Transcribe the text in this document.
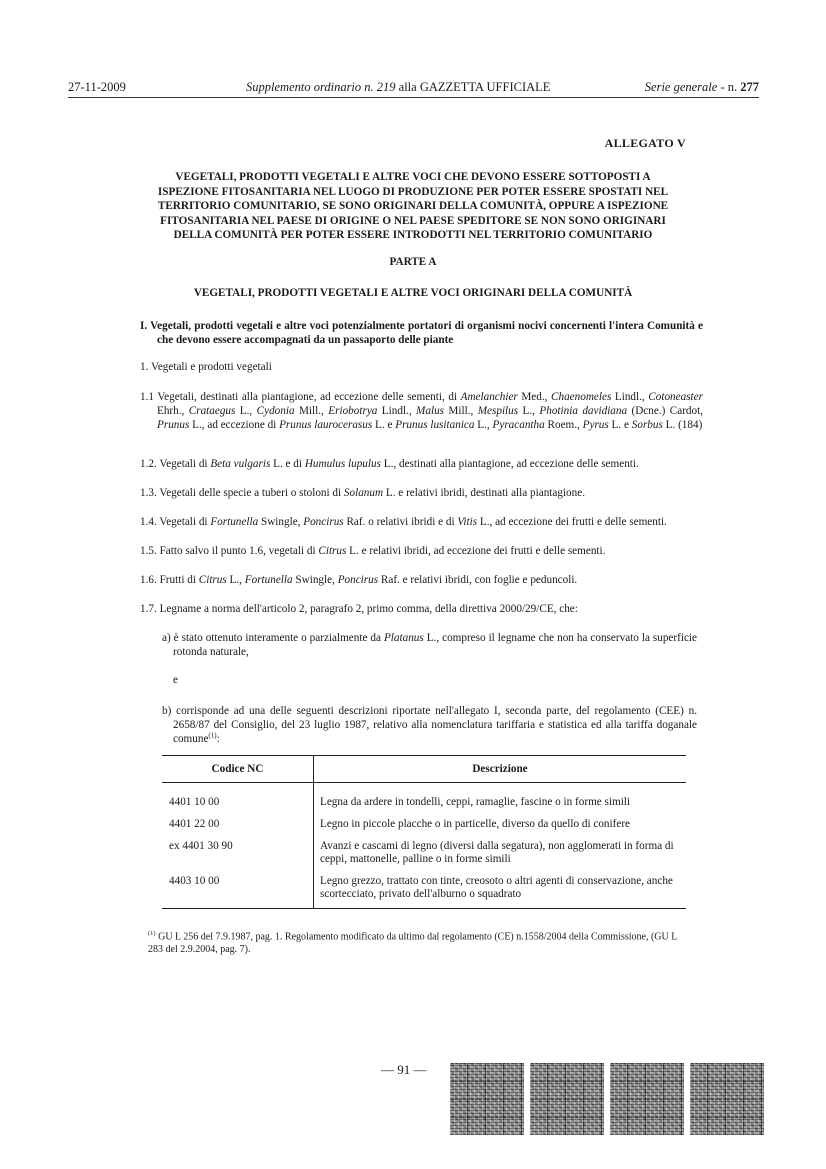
27-11-2009	Supplemento ordinario n. 219 alla GAZZETTA UFFICIALE	Serie generale - n. 277
ALLEGATO V
VEGETALI, PRODOTTI VEGETALI E ALTRE VOCI CHE DEVONO ESSERE SOTTOPOSTI A
ISPEZIONE FITOSANITARIA NEL LUOGO DI PRODUZIONE PER POTER ESSERE SPOSTATI NEL
TERRITORIO COMUNITARIO, SE SONO ORIGINARI DELLA COMUNITÀ, OPPURE A ISPEZIONE
FITOSANITARIA NEL PAESE DI ORIGINE O NEL PAESE SPEDITORE SE NON SONO ORIGINARI
DELLA COMUNITÀ PER POTER ESSERE INTRODOTTI NEL TERRITORIO COMUNITARIO
PARTE A
VEGETALI, PRODOTTI VEGETALI E ALTRE VOCI ORIGINARI DELLA COMUNITÀ
I. Vegetali, prodotti vegetali e altre voci potenzialmente portatori di organismi nocivi concernenti l'intera Comunità e che devono essere accompagnati da un passaporto delle piante
1. Vegetali e prodotti vegetali
1.1 Vegetali, destinati alla piantagione, ad eccezione delle sementi, di Amelanchier Med., Chaenomeles Lindl., Cotoneaster Ehrh., Crataegus L., Cydonia Mill., Eriobotrya Lindl., Malus Mill., Mespilus L., Photinia davidiana (Dcne.) Cardot, Prunus L., ad eccezione di Prunus laurocerasus L. e Prunus lusitanica L., Pyracantha Roem., Pyrus L. e Sorbus L. (184)
1.2. Vegetali di Beta vulgaris L. e di Humulus lupulus L., destinati alla piantagione, ad eccezione delle sementi.
1.3. Vegetali delle specie a tuberi o stoloni di Solanum L. e relativi ibridi, destinati alla piantagione.
1.4. Vegetali di Fortunella Swingle, Poncirus Raf. o relativi ibridi e di Vitis L., ad eccezione dei frutti e delle sementi.
1.5. Fatto salvo il punto 1.6, vegetali di Citrus L. e relativi ibridi, ad eccezione dei frutti e delle sementi.
1.6. Frutti di Citrus L., Fortunella Swingle, Poncirus Raf. e relativi ibridi, con foglie e peduncoli.
1.7. Legname a norma dell'articolo 2, paragrafo 2, primo comma, della direttiva 2000/29/CE, che:
a) è stato ottenuto interamente o parzialmente da Platanus L., compreso il legname che non ha conservato la superficie rotonda naturale,
e
b) corrisponde ad una delle seguenti descrizioni riportate nell'allegato I, seconda parte, del regolamento (CEE) n. 2658/87 del Consiglio, del 23 luglio 1987, relativo alla nomenclatura tariffaria e statistica ed alla tariffa doganale comune$^{(1)}$:
Codice NC	Descrizione
4401 10 00	Legna da ardere in tondelli, ceppi, ramaglie, fascine o in forme simili
4401 22 00	Legno in piccole placche o in particelle, diverso da quello di conifere
ex 4401 30 90	Avanzi e cascami di legno (diversi dalla segatura), non agglomerati in forma di ceppi, mattonelle, palline o in forme simili
4403 10 00	Legno grezzo, trattato con tinte, creosoto o altri agenti di conservazione, anche scortecciato, privato dell'alburno o squadrato
$^{(1)}$ GU L 256 del 7.9.1987, pag. 1. Regolamento modificato da ultimo dal regolamento (CE) n.1558/2004 della Commissione, (GU L 283 del 2.9.2004, pag. 7).
— 91 —
